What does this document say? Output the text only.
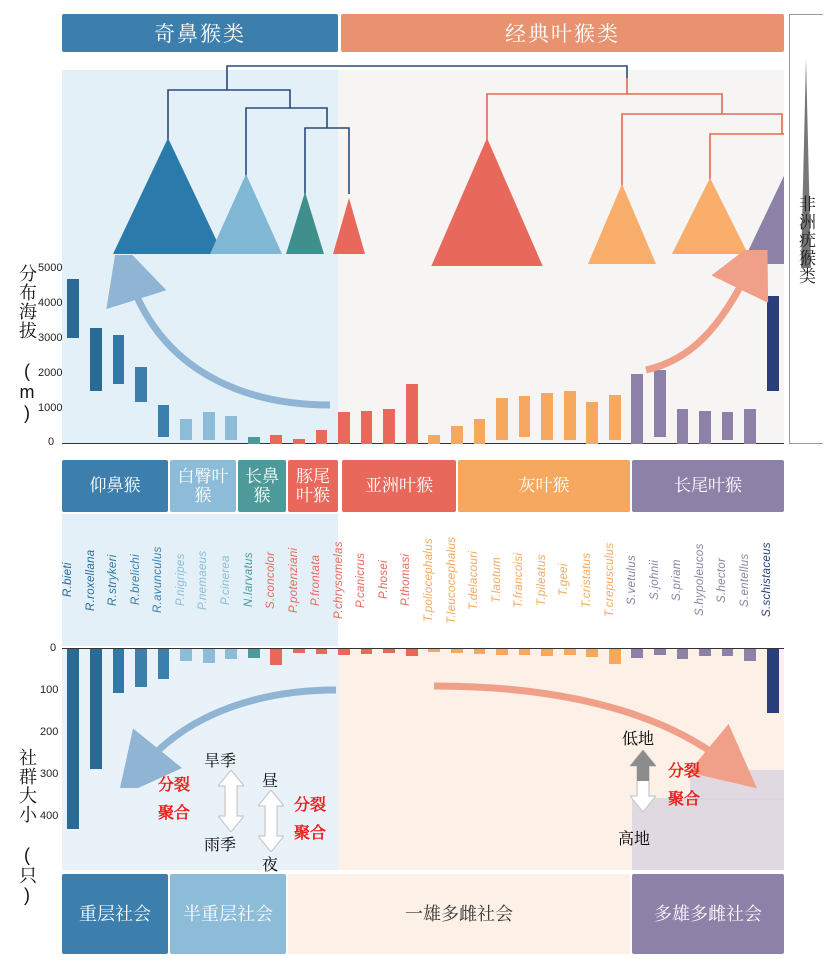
奇鼻猴类	经典叶猴类
非洲疣猴类
分布海拔 (m) 5000
4000
3000
2000
1000
0
仰鼻猴
白臀叶猴
长鼻猴
豚尾叶猴
亚洲叶猴	灰叶猴	长尾叶猴
R.bieti R.roxellana R.strykeri R.brelichi R.avunculus P.nigripes P.nemaeus P.cinerea N.larvatus S.concolor P.potenziani P.frontata P.chrysomelas P.canicrus P.hosei P.thomasi T.poliocephalus T.leucocephalus T.delacouri T.laotum T.francoisi T.pileatus T.geei T.cristatus T.crepusculus S.vetulus S.johnii S.priam S.hypoleucos S.hector S.entellus S.schistaceus
社群大小 (只)
0
100
200
300
400
旱季
雨季
分裂
聚合
昼
夜
分裂
聚合
低地
高地
分裂
聚合
重层社会 半重层社会	一雄多雌社会	多雄多雌社会
